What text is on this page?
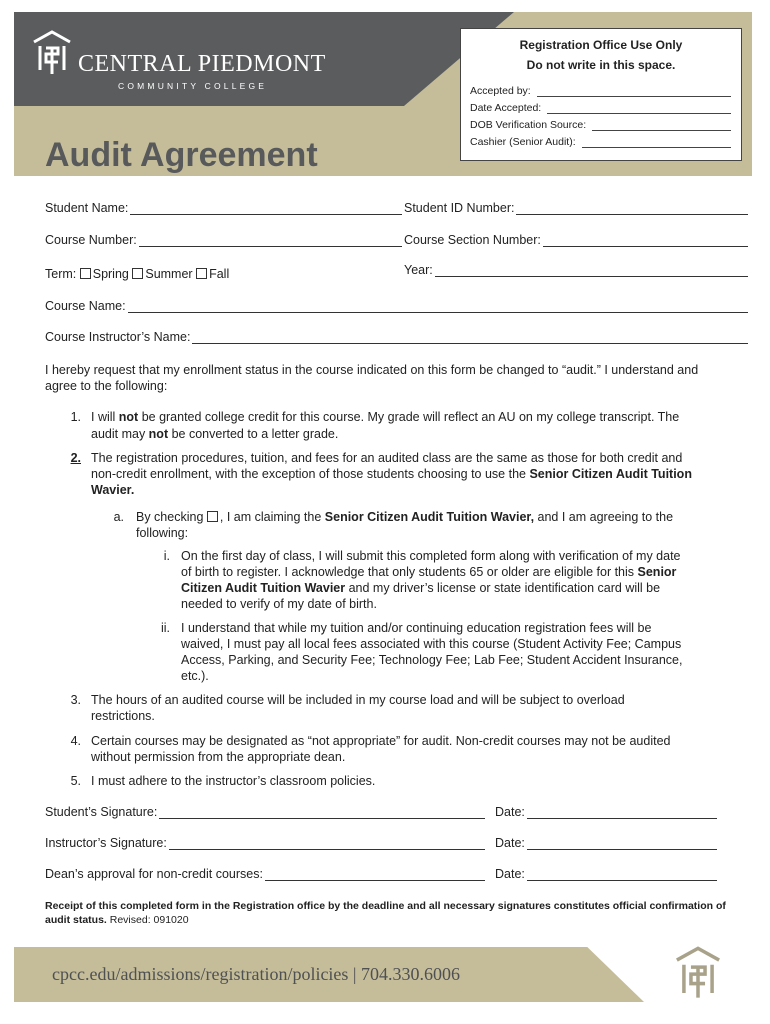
CENTRAL PIEDMONT
COMMUNITY COLLEGE
Audit Agreement
Registration Office Use Only
Do not write in this space.
Accepted by:
Date Accepted:
DOB Verification Source:
Cashier (Senior Audit):
Student Name:	Student ID Number:
Course Number:	Course Section Number:
Term: Spring Summer Fall	Year:
Course Name:
Course Instructor’s Name:
I hereby request that my enrollment status in the course indicated on this form be changed to “audit.” I understand and
agree to the following:
1. I will not be granted college credit for this course. My grade will reflect an AU on my college transcript. The
audit may not be converted to a letter grade.
2. The registration procedures, tuition, and fees for an audited class are the same as those for both credit and
non-credit enrollment, with the exception of those students choosing to use the Senior Citizen Audit Tuition
Wavier.
a. By checking , I am claiming the Senior Citizen Audit Tuition Wavier, and I am agreeing to the
following:
i. On the first day of class, I will submit this completed form along with verification of my date
of birth to register. I acknowledge that only students 65 or older are eligible for this Senior
Citizen Audit Tuition Wavier and my driver’s license or state identification card will be
needed to verify of my date of birth.
ii. I understand that while my tuition and/or continuing education registration fees will be
waived, I must pay all local fees associated with this course (Student Activity Fee; Campus
Access, Parking, and Security Fee; Technology Fee; Lab Fee; Student Accident Insurance,
etc.).
3. The hours of an audited course will be included in my course load and will be subject to overload
restrictions.
4. Certain courses may be designated as “not appropriate” for audit. Non-credit courses may not be audited
without permission from the appropriate dean.
5. I must adhere to the instructor’s classroom policies.
Student’s Signature:	Date:
Instructor’s Signature:	Date:
Dean’s approval for non-credit courses:	Date:
Receipt of this completed form in the Registration office by the deadline and all necessary signatures constitutes official confirmation of
audit status. Revised: 091020
cpcc.edu/admissions/registration/policies | 704.330.6006
